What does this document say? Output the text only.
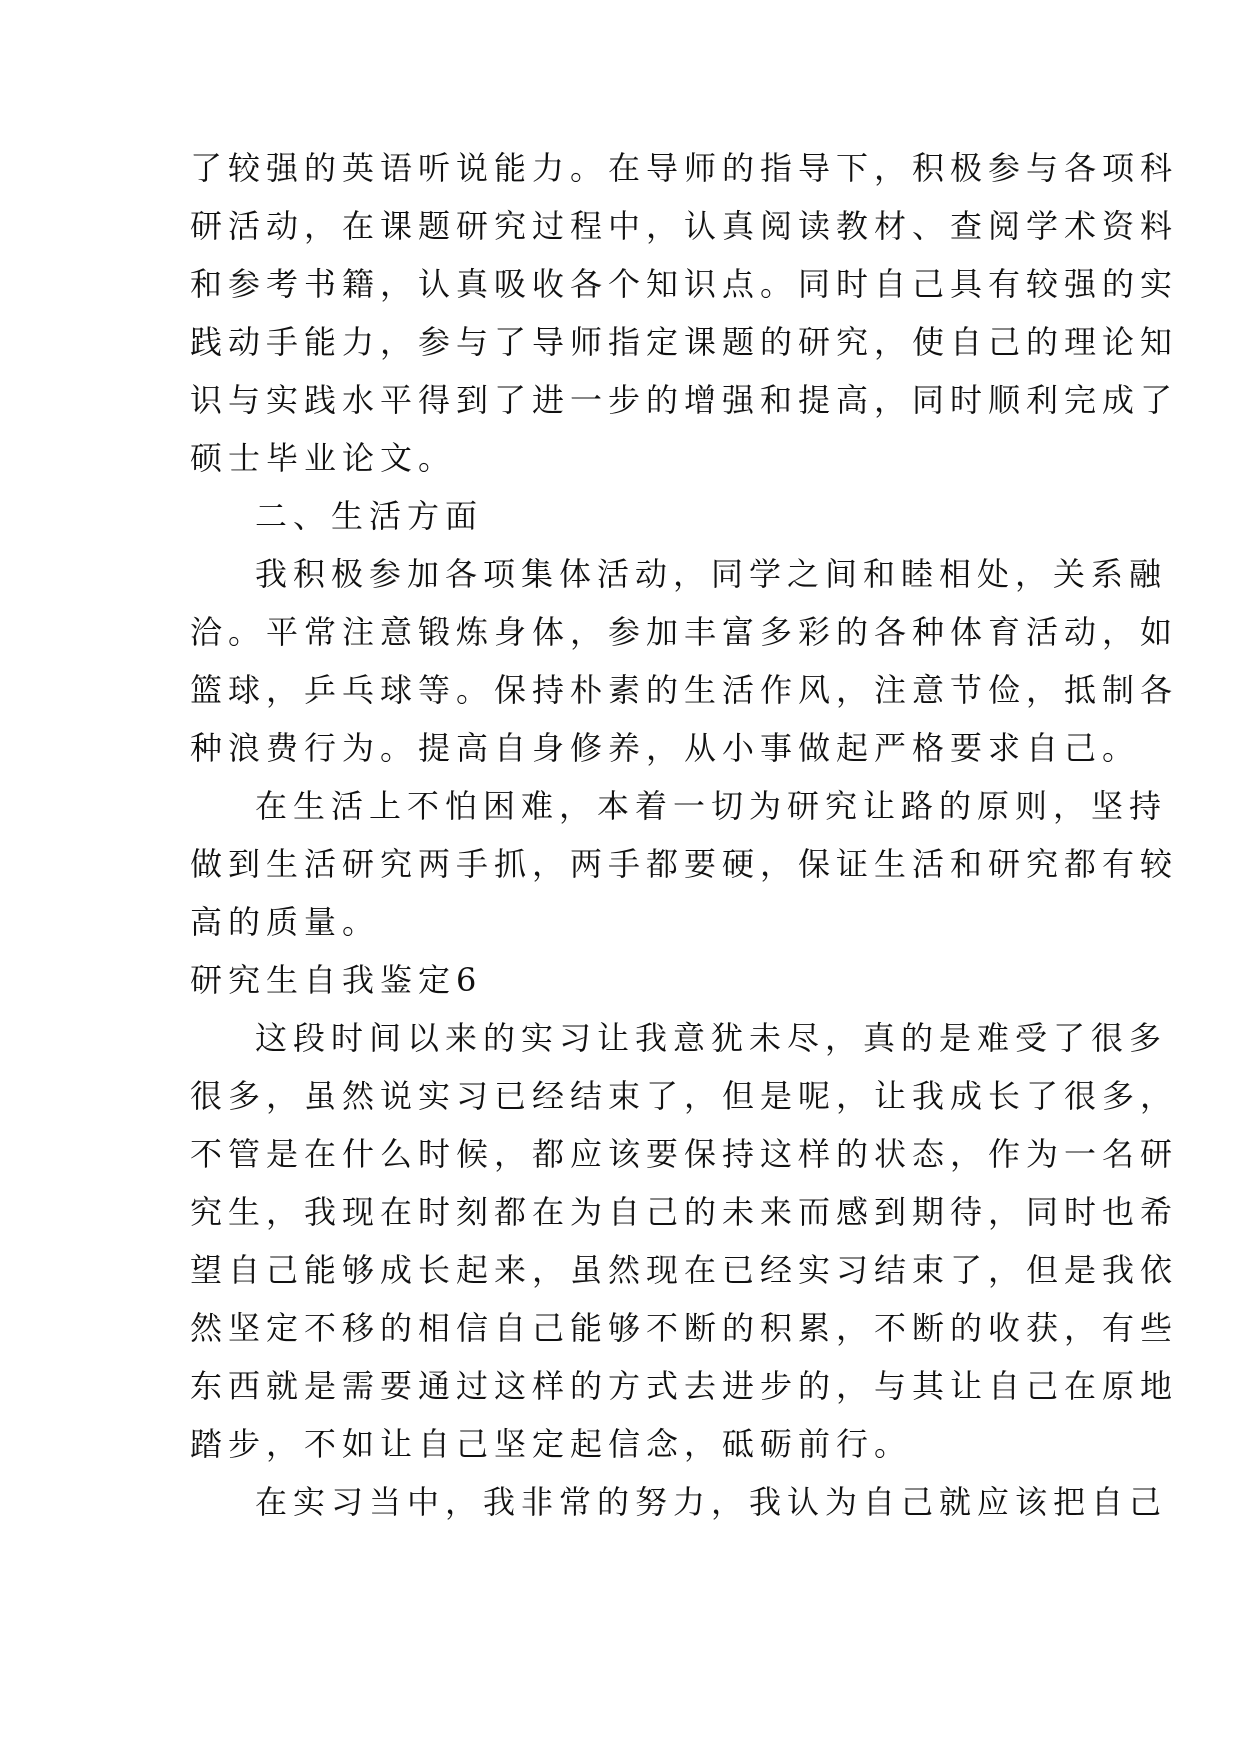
了较强的英语听说能力。在导师的指导下，积极参与各项科
研活动，在课题研究过程中，认真阅读教材、查阅学术资料
和参考书籍，认真吸收各个知识点。同时自己具有较强的实
践动手能力，参与了导师指定课题的研究，使自己的理论知
识与实践水平得到了进一步的增强和提高，同时顺利完成了
硕士毕业论文。
二、生活方面
我积极参加各项集体活动，同学之间和睦相处，关系融
洽。平常注意锻炼身体，参加丰富多彩的各种体育活动，如
篮球，乒乓球等。保持朴素的生活作风，注意节俭，抵制各
种浪费行为。提高自身修养，从小事做起严格要求自己。
在生活上不怕困难，本着一切为研究让路的原则，坚持
做到生活研究两手抓，两手都要硬，保证生活和研究都有较
高的质量。
研究生自我鉴定6
这段时间以来的实习让我意犹未尽，真的是难受了很多
很多，虽然说实习已经结束了，但是呢，让我成长了很多，
不管是在什么时候，都应该要保持这样的状态，作为一名研
究生，我现在时刻都在为自己的未来而感到期待，同时也希
望自己能够成长起来，虽然现在已经实习结束了，但是我依
然坚定不移的相信自己能够不断的积累，不断的收获，有些
东西就是需要通过这样的方式去进步的，与其让自己在原地
踏步，不如让自己坚定起信念，砥砺前行。
在实习当中，我非常的努力，我认为自己就应该把自己
